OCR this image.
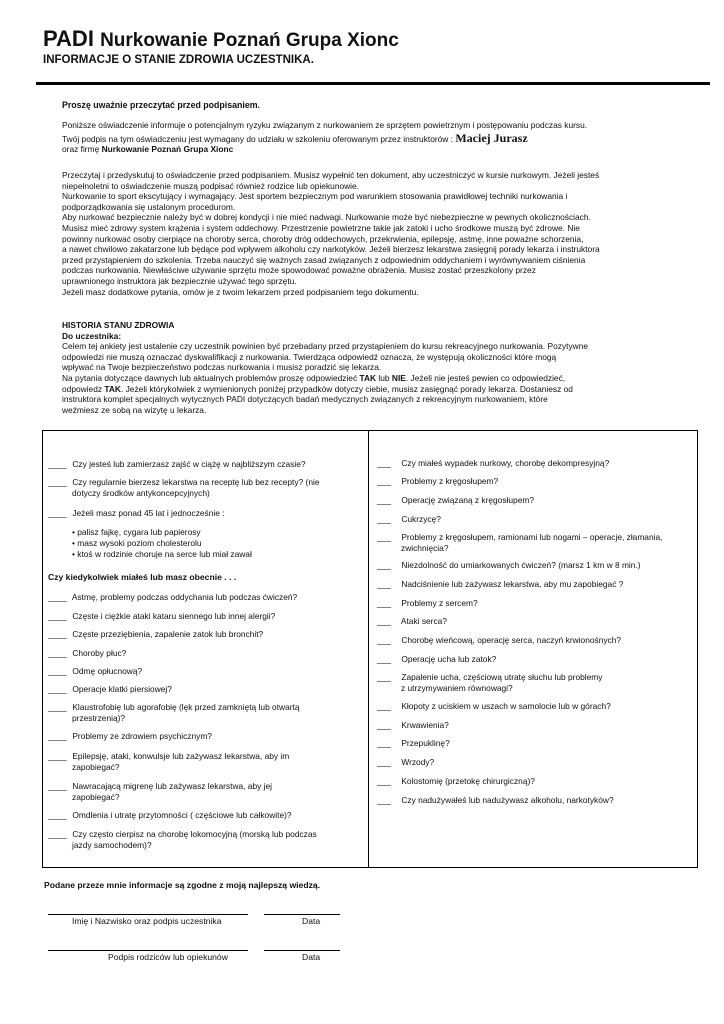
PADI Nurkowanie Poznań Grupa Xionc
INFORMACJE O STANIE ZDROWIA UCZESTNIKA.
Proszę uważnie przeczytać przed podpisaniem.

Poniższe oświadczenie informuje o potencjalnym ryzyku związanym z nurkowaniem ze sprzętem powietrznym i postępowaniu podczas kursu.

Twój podpis na tym oświadczeniu jest wymagany do udziału w szkoleniu oferowanym przez instruktorów : Maciej Jurasz

oraz firmę Nurkowanie Poznań Grupa Xionc

Przeczytaj i przedyskutuj to oświadczenie przed podpisaniem. Musisz wypełnić ten dokument, aby uczestniczyć w kursie nurkowym. Jeżeli jesteś

niepełnoletni to oświadczenie muszą podpisać również rodzice lub opiekunowie.

Nurkowanie to sport ekscytujący i wymagający. Jest sportem bezpiecznym pod warunkiem stosowania prawidłowej techniki nurkowania i

podporządkowania się ustalonym procedurom.

Aby nurkować bezpiecznie należy być w dobrej kondycji i nie mieć nadwagi. Nurkowanie może być niebezpieczne w pewnych okolicznościach.

Musisz mieć zdrowy system krążenia i system oddechowy. Przestrzenie powietrzne takie jak zatoki i ucho środkowe muszą być zdrowe. Nie

powinny nurkować osoby cierpiące na choroby serca, choroby dróg oddechowych, przekrwienia, epilepsję, astmę, inne poważne schorzenia,

a nawet chwilowo zakatarzone lub będące pod wpływem alkoholu czy narkotyków. Jeżeli bierzesz lekarstwa zasięgnij porady lekarza i instruktora

przed przystąpieniem do szkolenia. Trzeba nauczyć się ważnych zasad związanych z odpowiednim oddychaniem i wyrównywaniem ciśnienia

podczas nurkowania. Niewłaściwe używanie sprzętu może spowodować poważne obrażenia. Musisz zostać przeszkolony przez

uprawnionego instruktora jak bezpiecznie używać tego sprzętu.

Jeżeli masz dodatkowe pytania, omów je z twoim lekarzem przed podpisaniem tego dokumentu.

HISTORIA STANU ZDROWIA

Do uczestnika:

Celem tej ankiety jest ustalenie czy uczestnik powinien być przebadany przed przystąpieniem do kursu rekreacyjnego nurkowania. Pozytywne

odpowiedzi nie muszą oznaczać dyskwalifikacji z nurkowania. Twierdząca odpowiedź oznacza, że występują okoliczności które mogą

wpływać na Twoje bezpieczeństwo podczas nurkowania i musisz poradzić się lekarza.

Na pytania dotyczące dawnych lub aktualnych problemów proszę odpowiedzieć TAK lub NIE. Jeżeli nie jesteś pewien co odpowiedzieć,

odpowiedz TAK. Jeżeli którykolwiek z wymienionych poniżej przypadków dotyczy ciebie, musisz zasięgnąć porady lekarza. Dostaniesz od

instruktora komplet specjalnych wytycznych PADI dotyczących badań medycznych związanych z rekreacyjnym nurkowaniem, które

weźmiesz ze sobą na wizytę u lekarza.

____ Czy jesteś lub zamierzasz zajść w ciążę w najbliższym czasie?
____ Czy regularnie bierzesz lekarstwa na receptę lub bez recepty? (nie
dotyczy środków antykoncepcyjnych)
____ Jeżeli masz ponad 45 lat i jednocześnie :
• palisz fajkę, cygara lub papierosy
• masz wysoki poziom cholesterolu
• ktoś w rodzinie choruje na serce lub miał zawał
Czy kiedykolwiek miałeś lub masz obecnie . . .
____ Astmę, problemy podczas oddychania lub podczas ćwiczeń?
____ Częste i ciężkie ataki kataru siennego lub innej alergii?
____ Częste przeziębienia, zapalenie zatok lub bronchit?
____ Choroby płuc?
____ Odmę opłucnową?
____ Operacje klatki piersiowej?
____ Klaustrofobię lub agorafobię (lęk przed zamkniętą lub otwartą
przestrzenią)?
____ Problemy ze zdrowiem psychicznym?
____ Epilepsję, ataki, konwulsje lub zażywasz lekarstwa, aby im
zapobiegać?
____ Nawracającą migrenę lub zażywasz lekarstwa, aby jej
zapobiegać?
____ Omdlenia i utratę przytomności ( częściowe lub całkowite)?
____ Czy często cierpisz na chorobę lokomocyjną (morską lub podczas
jazdy samochodem)?
___ Czy miałeś wypadek nurkowy, chorobę dekompresyjną?
___ Problemy z kręgosłupem?
___ Operację związaną z kręgosłupem?
___ Cukrzycę?
___ Problemy z kręgosłupem, ramionami lub nogami – operacje, złamania,
zwichnięcia?
___ Niezdolność do umiarkowanych ćwiczeń? (marsz 1 km w 8 min.)
___ Nadciśnienie lub zażywasz lekarstwa, aby mu zapobiegać ?
___ Problemy z sercem?
___ Ataki serca?
___ Chorobę wieńcową, operację serca, naczyń krwionośnych?
___ Operację ucha lub zatok?
___ Zapalenie ucha, częściową utratę słuchu lub problemy
z utrzymywaniem równowagi?
___ Kłopoty z uciskiem w uszach w samolocie lub w górach?
___ Krwawienia?
___ Przepuklinę?
___ Wrzody?
___ Kolostomię (przetokę chirurgiczną)?
___ Czy nadużywałeś lub nadużywasz alkoholu, narkotyków?
Podane przeze mnie informacje są zgodne z moją najlepszą wiedzą.
Imię i Nazwisko oraz podpis uczestnika	Data
Podpis rodziców lub opiekunów	Data
